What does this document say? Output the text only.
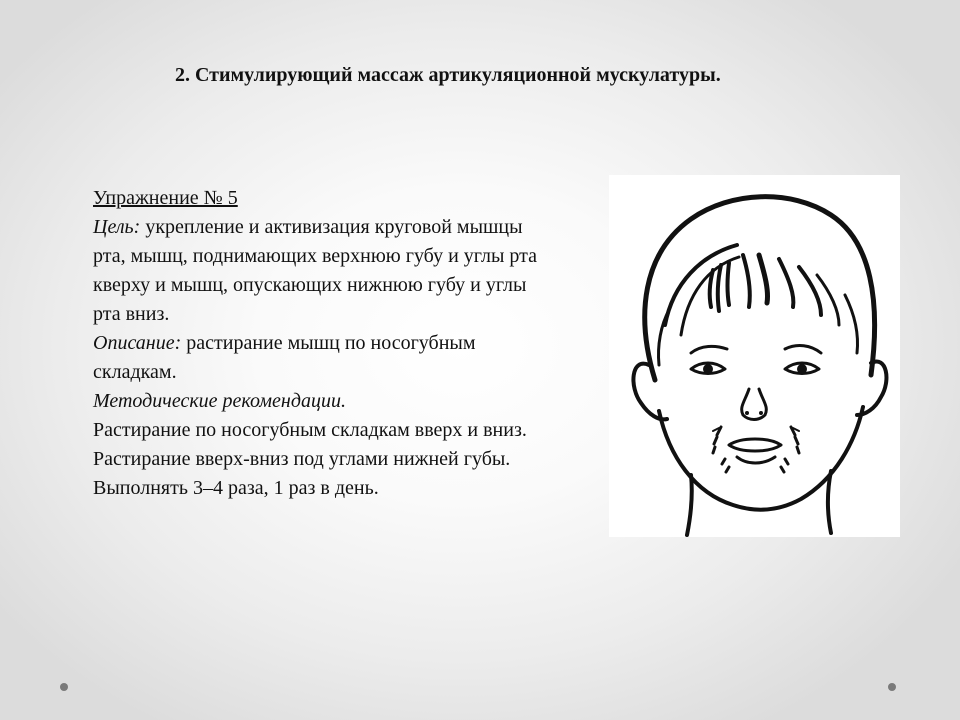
2. Стимулирующий массаж артикуляционной мускулатуры.

Упражнение № 5

Цель: укрепление и активизация круговой мышцы рта, мышц, поднимающих верхнюю губу и углы рта кверху и мышц, опускающих нижнюю губу и углы рта вниз.

Описание: растирание мышц по носогубным складкам.

Методические рекомендации.

Растирание по носогубным складкам вверх и вниз. Растирание вверх-вниз под углами нижней губы. Выполнять 3–4 раза, 1 раз в день.
